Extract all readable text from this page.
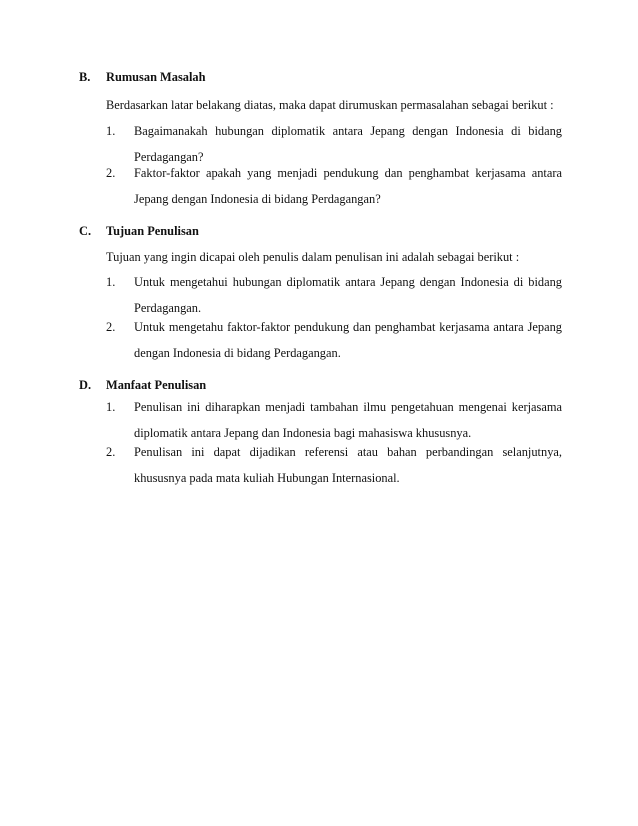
B. Rumusan Masalah
Berdasarkan latar belakang diatas, maka dapat dirumuskan permasalahan sebagai berikut :
1. Bagaimanakah hubungan diplomatik antara Jepang dengan Indonesia di bidang Perdagangan?
2. Faktor-faktor apakah yang menjadi pendukung dan penghambat kerjasama antara Jepang dengan Indonesia di bidang Perdagangan?
C. Tujuan Penulisan
Tujuan yang ingin dicapai oleh penulis dalam penulisan ini adalah sebagai berikut :
1. Untuk mengetahui hubungan diplomatik antara Jepang dengan Indonesia di bidang Perdagangan.
2. Untuk mengetahu faktor-faktor pendukung dan penghambat kerjasama antara Jepang dengan Indonesia di bidang Perdagangan.
D. Manfaat Penulisan
1. Penulisan ini diharapkan menjadi tambahan ilmu pengetahuan mengenai kerjasama diplomatik antara Jepang dan Indonesia bagi mahasiswa khususnya.
2. Penulisan ini dapat dijadikan referensi atau bahan perbandingan selanjutnya, khususnya pada mata kuliah Hubungan Internasional.
